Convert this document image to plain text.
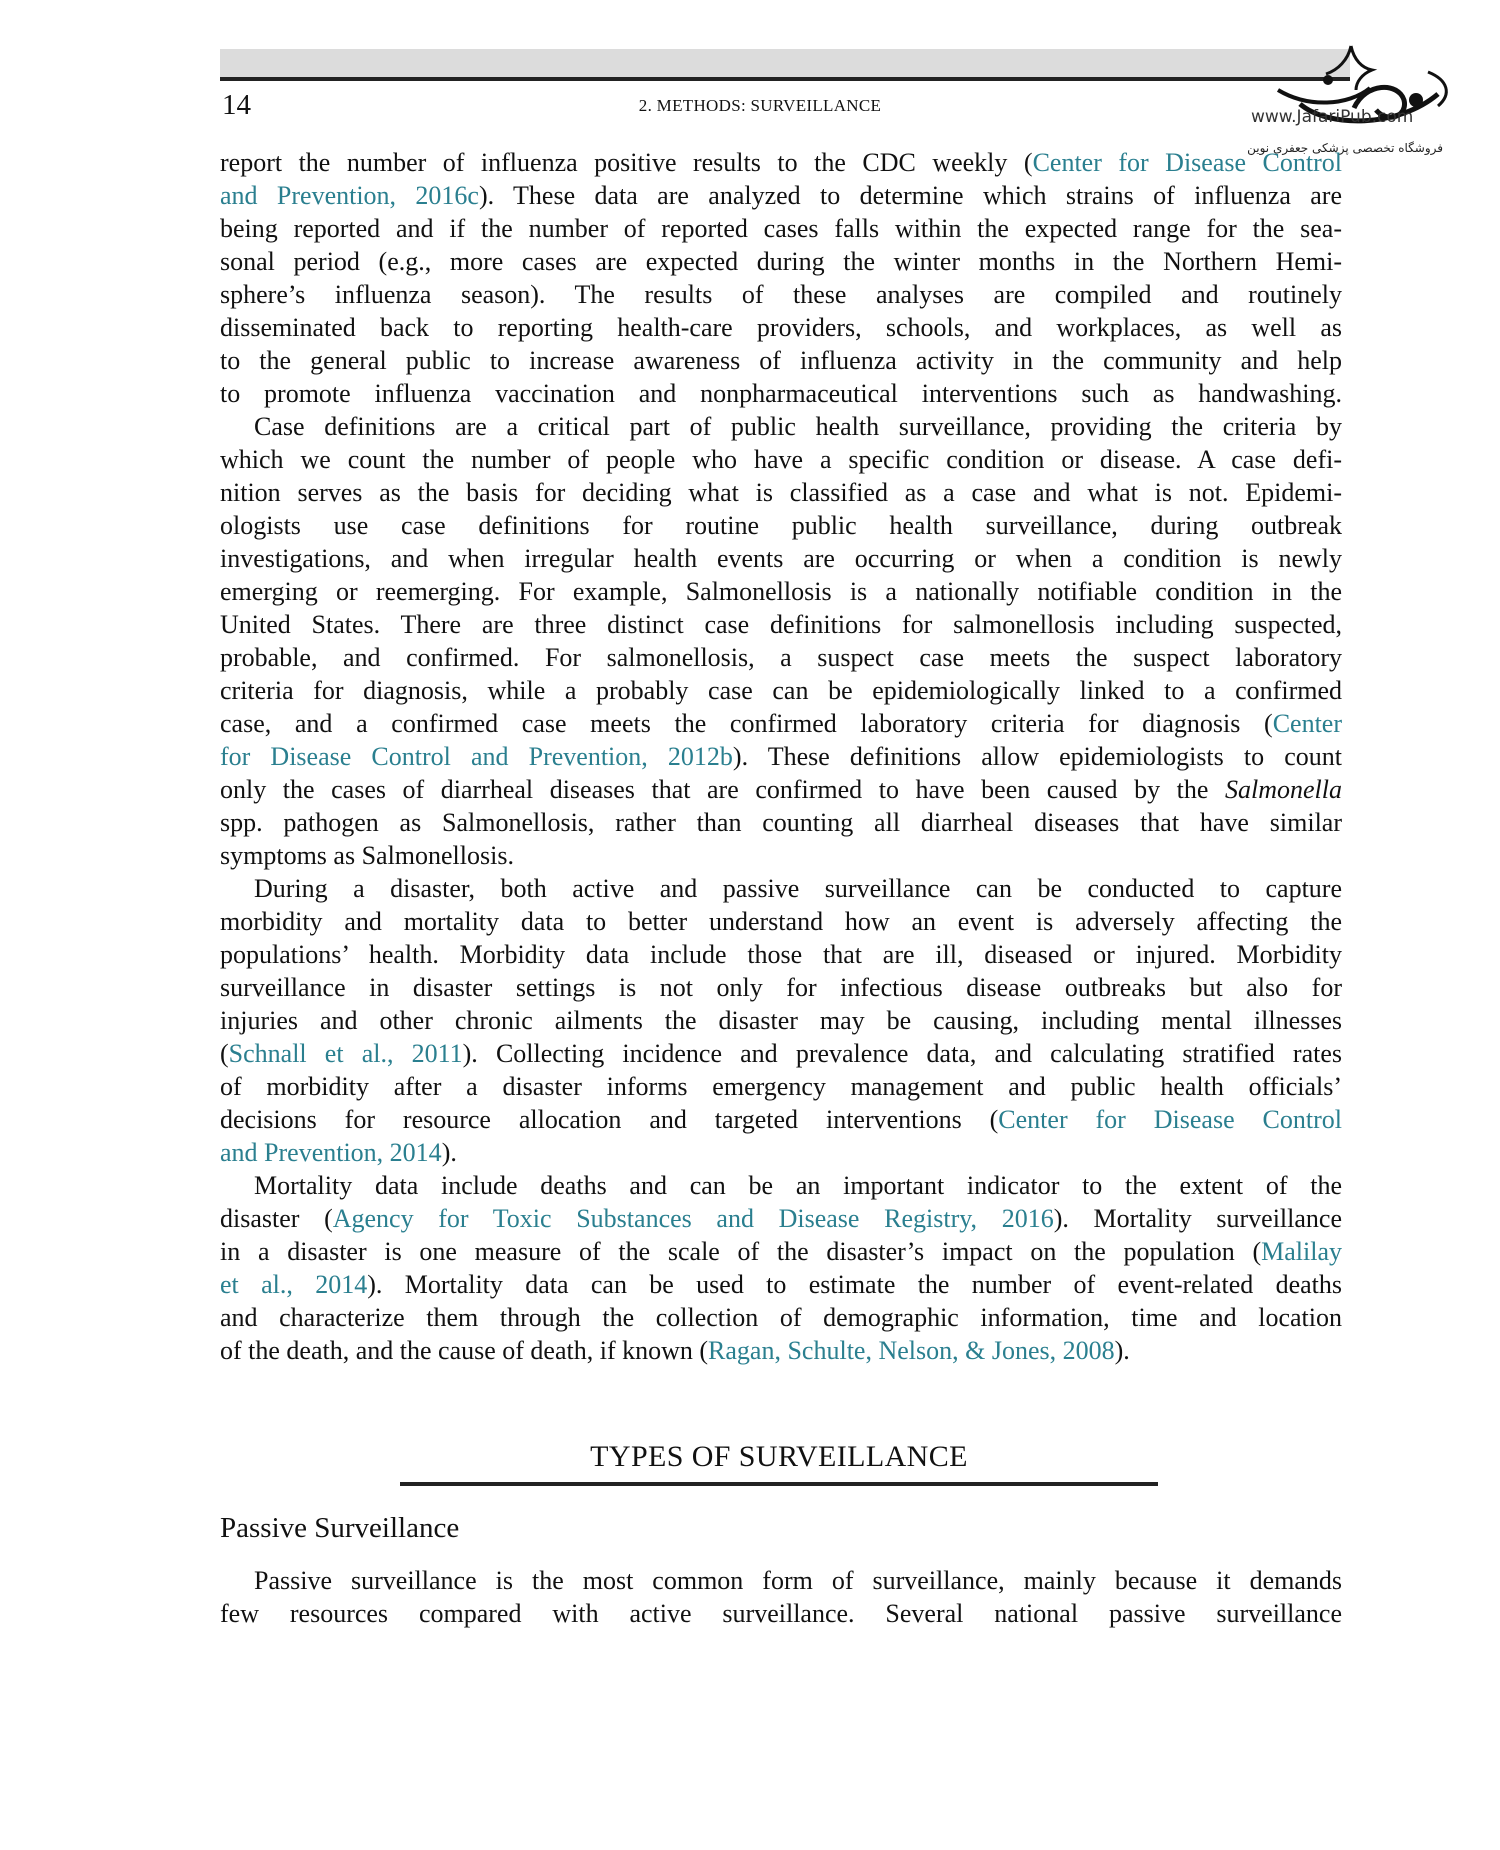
14	2. METHODS: SURVEILLANCE
www.JafariPub.com
فروشگاه تخصصی پزشکی جعفری نوین
report the number of influenza positive results to the CDC weekly (Center for Disease Control
and Prevention, 2016c). These data are analyzed to determine which strains of influenza are
being reported and if the number of reported cases falls within the expected range for the sea-
sonal period (e.g., more cases are expected during the winter months in the Northern Hemi-
sphere’s influenza season). The results of these analyses are compiled and routinely
disseminated back to reporting health-care providers, schools, and workplaces, as well as
to the general public to increase awareness of influenza activity in the community and help
to promote influenza vaccination and nonpharmaceutical interventions such as handwashing.
Case definitions are a critical part of public health surveillance, providing the criteria by
which we count the number of people who have a specific condition or disease. A case defi-
nition serves as the basis for deciding what is classified as a case and what is not. Epidemi-
ologists use case definitions for routine public health surveillance, during outbreak
investigations, and when irregular health events are occurring or when a condition is newly
emerging or reemerging. For example, Salmonellosis is a nationally notifiable condition in the
United States. There are three distinct case definitions for salmonellosis including suspected,
probable, and confirmed. For salmonellosis, a suspect case meets the suspect laboratory
criteria for diagnosis, while a probably case can be epidemiologically linked to a confirmed
case, and a confirmed case meets the confirmed laboratory criteria for diagnosis (Center
for Disease Control and Prevention, 2012b). These definitions allow epidemiologists to count
only the cases of diarrheal diseases that are confirmed to have been caused by the Salmonella
spp. pathogen as Salmonellosis, rather than counting all diarrheal diseases that have similar
symptoms as Salmonellosis.
During a disaster, both active and passive surveillance can be conducted to capture
morbidity and mortality data to better understand how an event is adversely affecting the
populations’ health. Morbidity data include those that are ill, diseased or injured. Morbidity
surveillance in disaster settings is not only for infectious disease outbreaks but also for
injuries and other chronic ailments the disaster may be causing, including mental illnesses
(Schnall et al., 2011). Collecting incidence and prevalence data, and calculating stratified rates
of morbidity after a disaster informs emergency management and public health officials’
decisions for resource allocation and targeted interventions (Center for Disease Control
and Prevention, 2014).
Mortality data include deaths and can be an important indicator to the extent of the
disaster (Agency for Toxic Substances and Disease Registry, 2016). Mortality surveillance
in a disaster is one measure of the scale of the disaster’s impact on the population (Malilay
et al., 2014). Mortality data can be used to estimate the number of event-related deaths
and characterize them through the collection of demographic information, time and location
of the death, and the cause of death, if known (Ragan, Schulte, Nelson, & Jones, 2008).
TYPES OF SURVEILLANCE
Passive Surveillance
Passive surveillance is the most common form of surveillance, mainly because it demands
few resources compared with active surveillance. Several national passive surveillance
